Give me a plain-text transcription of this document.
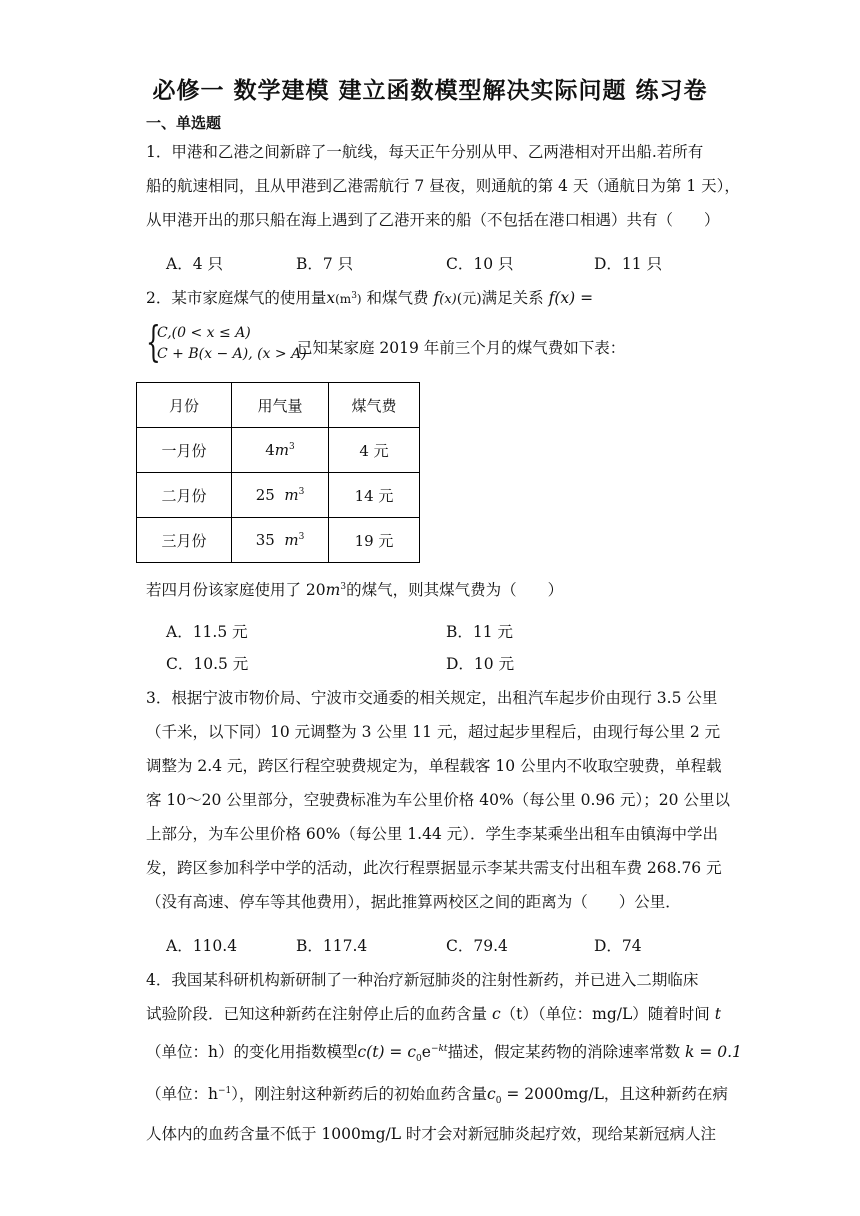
必修一 数学建模 建立函数模型解决实际问题 练习卷
一、单选题
1．甲港和乙港之间新辟了一航线，每天正午分别从甲、乙两港相对开出船.若所有
船的航速相同，且从甲港到乙港需航行 7 昼夜，则通航的第 4 天（通航日为第 1 天），
从甲港开出的那只船在海上遇到了乙港开来的船（不包括在港口相遇）共有（　　）
A．4 只	B．7 只	C．10 只	D．11 只
2．某市家庭煤气的使用量$x(m^3)$ 和煤气费 f(x)(元)满足关系 f(x) =
{
C,(0 < x ≤ A)
C + B(x − A), (x > A)
已知某家庭 2019 年前三个月的煤气费如下表：
月份	用气量	煤气费
一月份	$4m^3$	4 元
二月份	25 $m^3$	14 元
三月份	35 $m^3$	19 元
若四月份该家庭使用了 $20m^3$的煤气，则其煤气费为（　　）
A．11.5 元	B．11 元
C．10.5 元	D．10 元
3．根据宁波市物价局、宁波市交通委的相关规定，出租汽车起步价由现行 3.5 公里
（千米，以下同）10 元调整为 3 公里 11 元，超过起步里程后，由现行每公里 2 元
调整为 2.4 元，跨区行程空驶费规定为，单程载客 10 公里内不收取空驶费，单程载
客 10～20 公里部分，空驶费标准为车公里价格 40%（每公里 0.96 元）；20 公里以
上部分，为车公里价格 60%（每公里 1.44 元）．学生李某乘坐出租车由镇海中学出
发，跨区参加科学中学的活动，此次行程票据显示李某共需支付出租车费 268.76 元
（没有高速、停车等其他费用），据此推算两校区之间的距离为（　　）公里．
A．110.4	B．117.4	C．79.4	D．74
4．我国某科研机构新研制了一种治疗新冠肺炎的注射性新药，并已进入二期临床
试验阶段．已知这种新药在注射停止后的血药含量 c（t）（单位：mg/L）随着时间 t
（单位：h）的变化用指数模型$c(t) = c_0e^{-kt}$描述，假定某药物的消除速率常数 k = 0.1
（单位：$h^{-1}$），刚注射这种新药后的初始血药含量$c_0 = 2000mg/L$，且这种新药在病
人体内的血药含量不低于 1000mg/L 时才会对新冠肺炎起疗效，现给某新冠病人注
